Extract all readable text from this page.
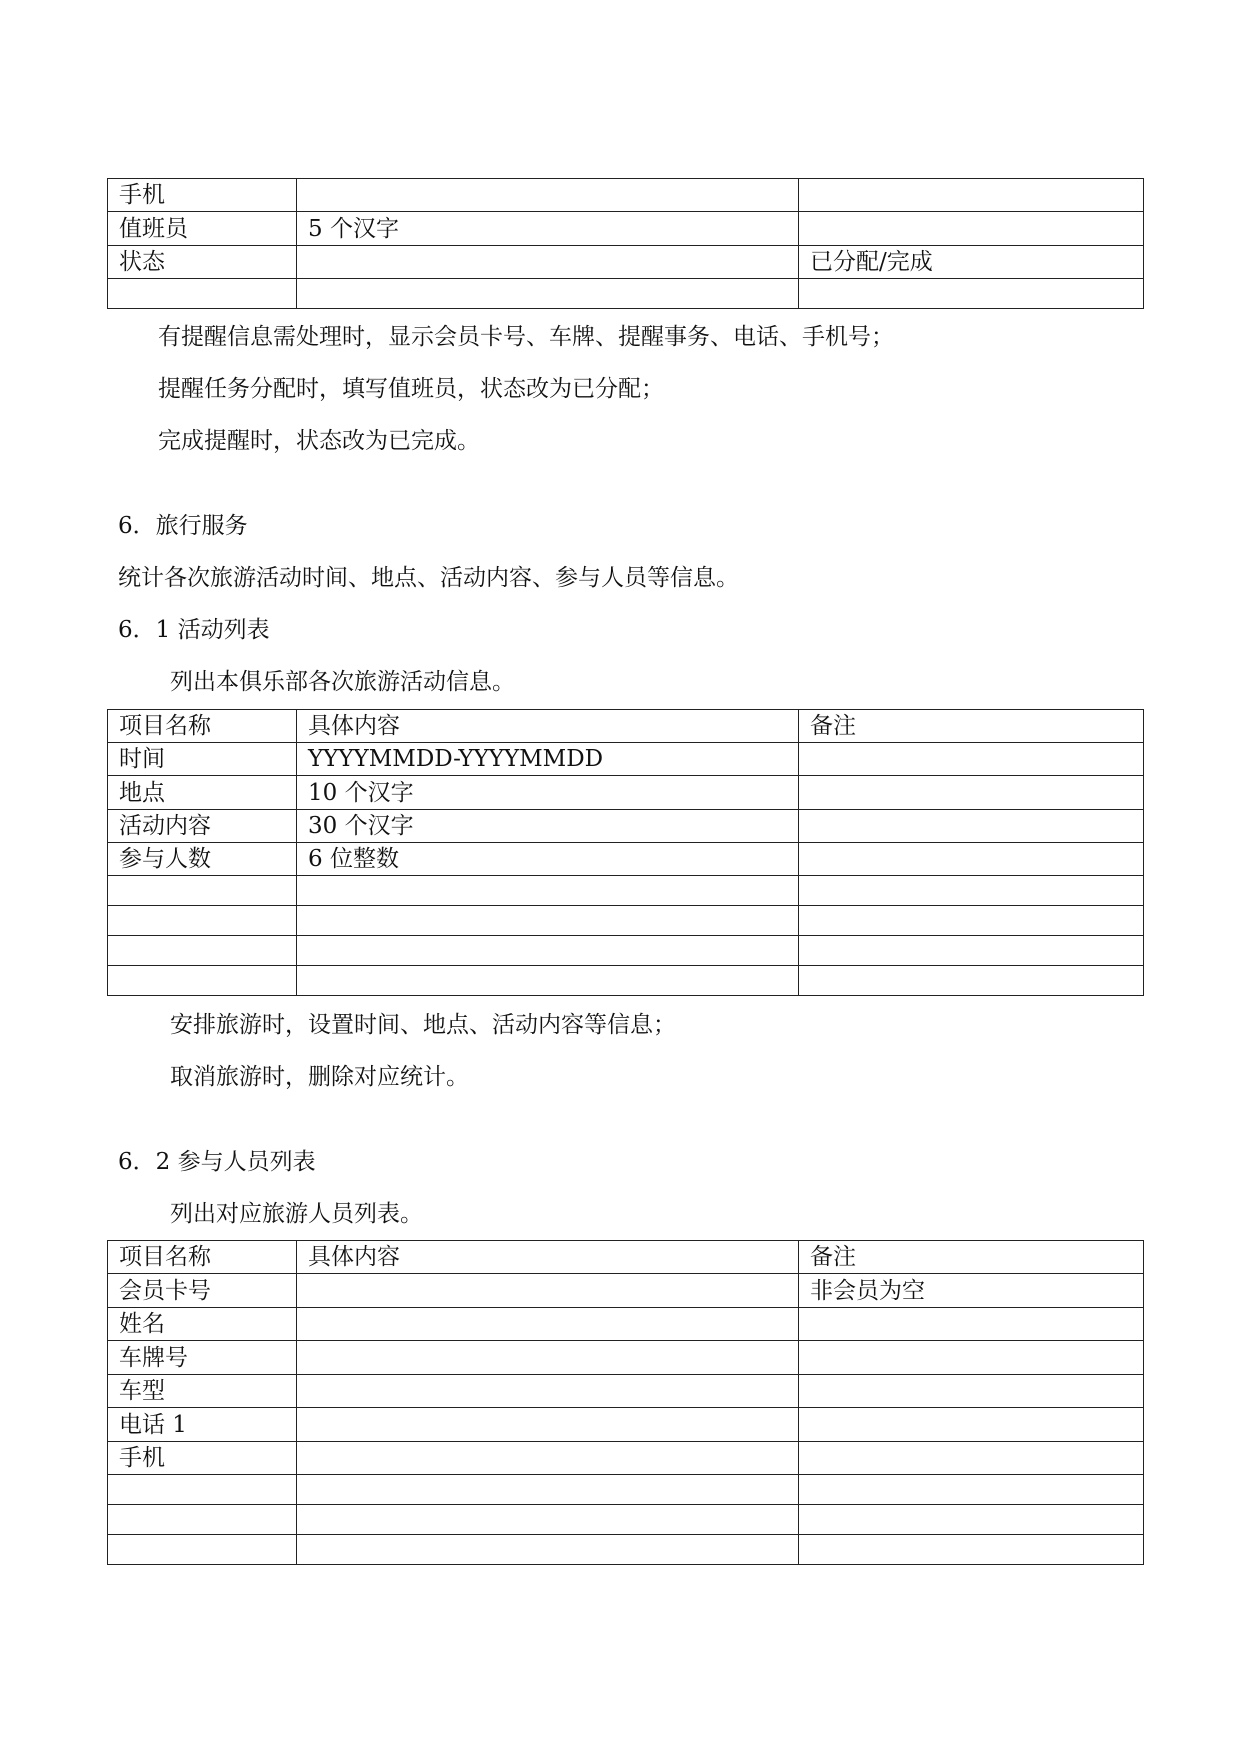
手机		
值班员	5 个汉字	
状态		已分配/完成

有提醒信息需处理时，显示会员卡号、车牌、提醒事务、电话、手机号；

提醒任务分配时，填写值班员，状态改为已分配；

完成提醒时，状态改为已完成。

6．旅行服务

统计各次旅游活动时间、地点、活动内容、参与人员等信息。

6．1 活动列表

列出本俱乐部各次旅游活动信息。

项目名称	具体内容	备注
时间	YYYYMMDD-YYYYMMDD	
地点	10 个汉字	
活动内容	30 个汉字	
参与人数	6 位整数	

安排旅游时，设置时间、地点、活动内容等信息；

取消旅游时，删除对应统计。

6．2 参与人员列表

列出对应旅游人员列表。

项目名称	具体内容	备注
会员卡号		非会员为空
姓名		
车牌号		
车型		
电话 1		
手机		
